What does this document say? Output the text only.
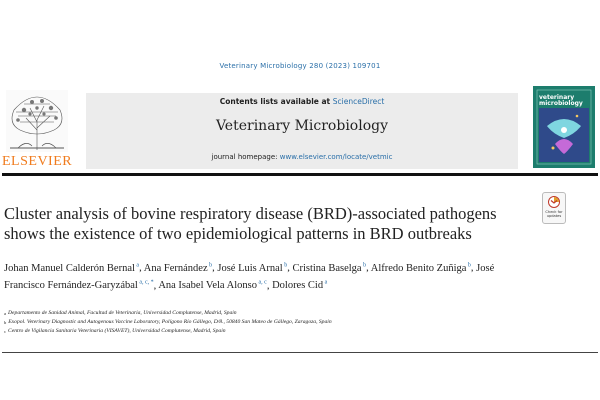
Veterinary Microbiology 280 (2023) 109701
ELSEVIER
Contents lists available at ScienceDirect
Veterinary Microbiology
journal homepage: www.elsevier.com/locate/vetmic
veterinary
microbiology
Check for
updates
Cluster analysis of bovine respiratory disease (BRD)-associated pathogens shows the existence of two epidemiological patterns in BRD outbreaks
Johan Manuel Calderón Bernal $^a$, Ana Fernández $^b$, José Luis Arnal $^b$, Cristina Baselga $^b$, Alfredo Benito Zuñiga $^b$, José Francisco Fernández-Garyzábal $^{a, c, *}$, Ana Isabel Vela Alonso $^{a, c}$, Dolores Cid $^a$
$^a$ Departamento de Sanidad Animal, Facultad de Veterinaria, Universidad Complutense, Madrid, Spain
$^b$ Exopol. Veterinary Diagnostic and Autogenous Vaccine Laboratory, Polígono Río Gállego, D/8., 50840 San Mateo de Gállego, Zaragoza, Spain
$^c$ Centro de Vigilancia Sanitaria Veterinaria (VISAVET), Universidad Complutense, Madrid, Spain
